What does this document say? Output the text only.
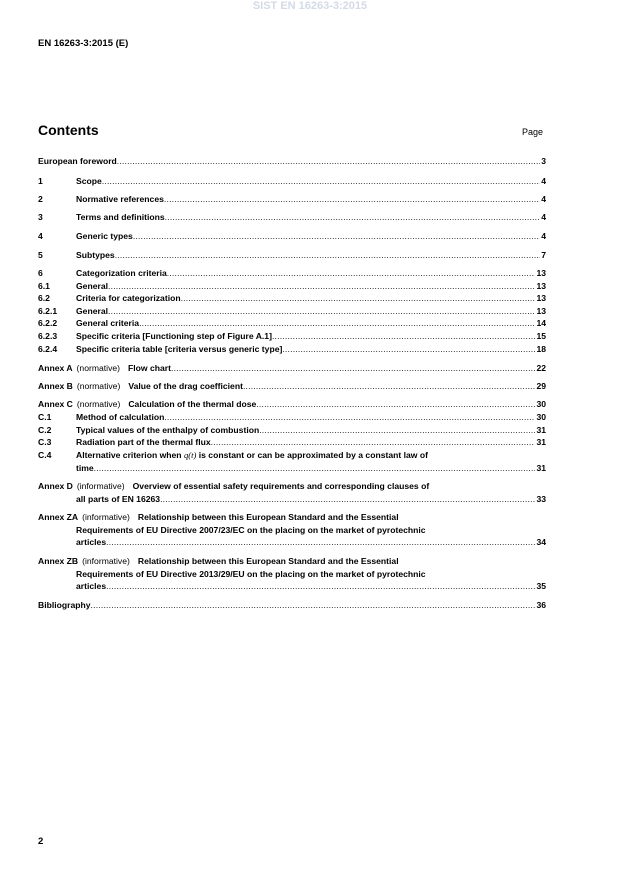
SIST EN 16263-3:2015
EN 16263-3:2015 (E)
Contents	Page
European foreword .....	3
1	Scope .....	4
2	Normative references .....	4
3	Terms and definitions .....	4
4	Generic types .....	4
5	Subtypes .....	7
6	Categorization criteria .....	13
6.1	General .....	13
6.2	Criteria for categorization .....	13
6.2.1	General .....	13
6.2.2	General criteria .....	14
6.2.3	Specific criteria [Functioning step of Figure A.1] .....	15
6.2.4	Specific criteria table [criteria versus generic type] .....	18
Annex A (normative) Flow chart .....	22
Annex B (normative) Value of the drag coefficient .....	29
Annex C (normative) Calculation of the thermal dose .....	30
C.1	Method of calculation .....	30
C.2	Typical values of the enthalpy of combustion .....	31
C.3	Radiation part of the thermal flux .....	31
C.4	Alternative criterion when q(t) is constant or can be approximated by a constant law of
time .....	31
Annex D (informative) Overview of essential safety requirements and corresponding clauses of
all parts of EN 16263 .....	33
Annex ZA (informative) Relationship between this European Standard and the Essential
Requirements of EU Directive 2007/23/EC on the placing on the market of pyrotechnic
articles .....	34
Annex ZB (informative) Relationship between this European Standard and the Essential
Requirements of EU Directive 2013/29/EU on the placing on the market of pyrotechnic
articles .....	35
Bibliography .....	36
2
